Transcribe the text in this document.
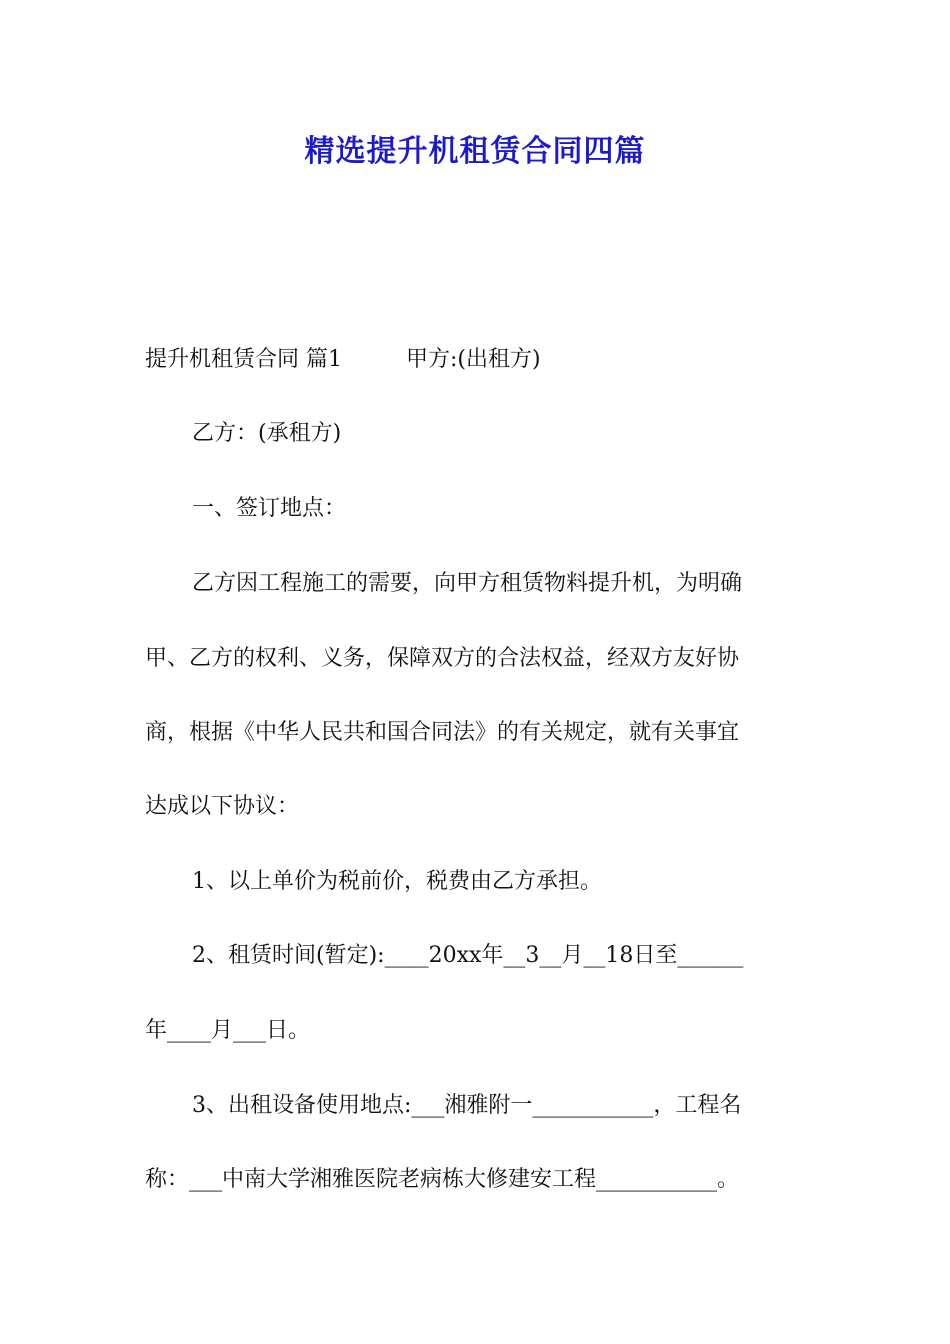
精选提升机租赁合同四篇
提升机租赁合同 篇1	甲方:(出租方)
乙方：(承租方)
一、签订地点：
乙方因工程施工的需要，向甲方租赁物料提升机，为明确
甲、乙方的权利、义务，保障双方的合法权益，经双方友好协
商，根据《中华人民共和国合同法》的有关规定，就有关事宜
达成以下协议：
1、以上单价为税前价，税费由乙方承担。
2、租赁时间(暂定):____20xx年__3__月__18日至______
年____月___日。
3、出租设备使用地点:___湘雅附一___________，工程名
称：___中南大学湘雅医院老病栋大修建安工程___________。
